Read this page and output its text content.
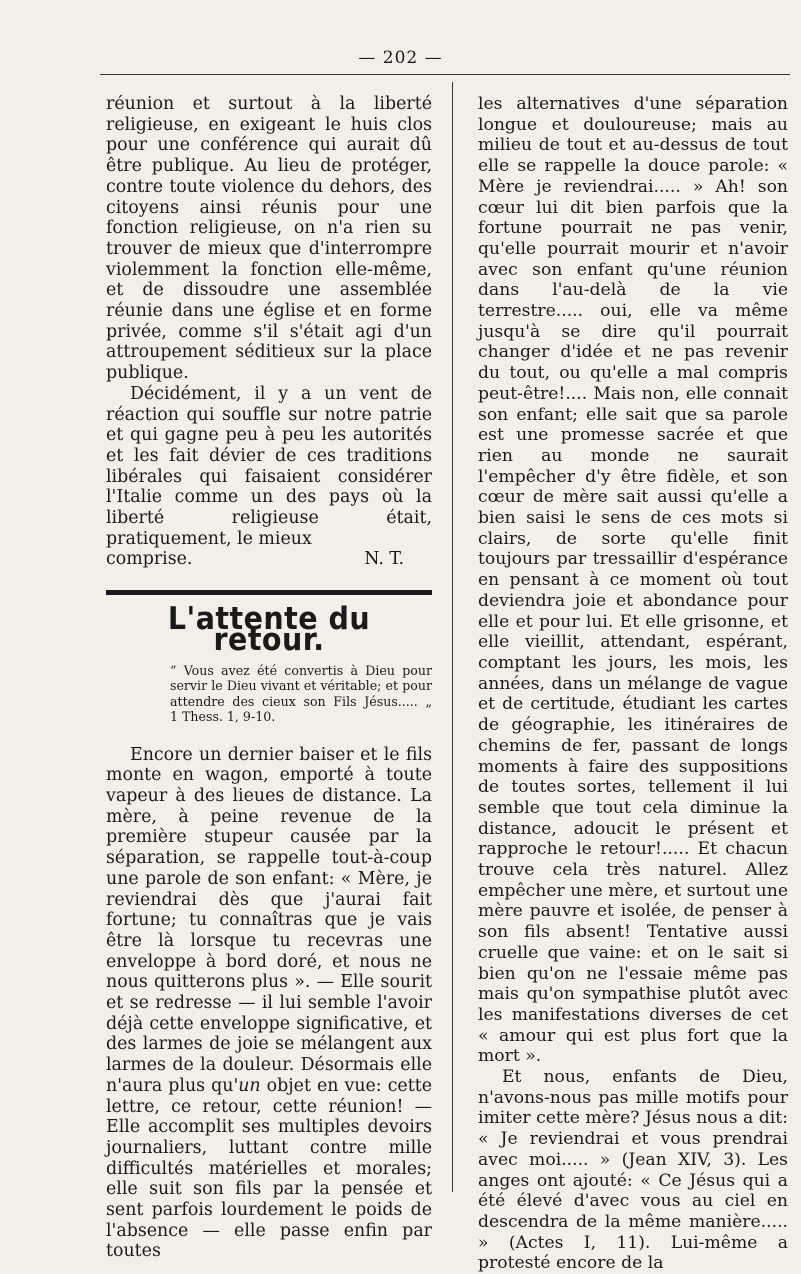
— 202 —

réunion et surtout à la liberté religieuse, en exigeant le huis clos pour une conférence qui aurait dû être publique. Au lieu de protéger, contre toute violence du dehors, des citoyens ainsi réunis pour une fonction religieuse, on n'a rien su trouver de mieux que d'interrompre violemment la fonction elle-même, et de dissoudre une assemblée réunie dans une église et en forme privée, comme s'il s'était agi d'un attroupement séditieux sur la place publique.

Décidément, il y a un vent de réaction qui souffle sur notre patrie et qui gagne peu à peu les autorités et les fait dévier de ces traditions libérales qui faisaient considérer l'Italie comme un des pays où la liberté religieuse était, pratiquement, le mieux

comprise.	N. T.

L'attente du retour.
“ Vous avez été convertis à Dieu pour servir le Dieu vivant et véritable; et pour attendre des cieux son Fils Jésus..... „ 1 Thess. 1, 9-10.

Encore un dernier baiser et le fils monte en wagon, emporté à toute vapeur à des lieues de distance. La mère, à peine revenue de la première stupeur causée par la séparation, se rappelle tout-à-coup une parole de son enfant: « Mère, je reviendrai dès que j'aurai fait fortune; tu connaîtras que je vais être là lorsque tu recevras une enveloppe à bord doré, et nous ne nous quitterons plus ». — Elle sourit et se redresse — il lui semble l'avoir déjà cette enveloppe significative, et des larmes de joie se mélangent aux larmes de la douleur. Désormais elle n'aura plus qu'un objet en vue: cette lettre, ce retour, cette réunion! — Elle accomplit ses multiples devoirs journaliers, luttant contre mille difficultés matérielles et morales; elle suit son fils par la pensée et sent parfois lourdement le poids de l'absence — elle passe enfin par toutes

les alternatives d'une séparation longue et douloureuse; mais au milieu de tout et au-dessus de tout elle se rappelle la douce parole: « Mère je reviendrai..... » Ah! son cœur lui dit bien parfois que la fortune pourrait ne pas venir, qu'elle pourrait mourir et n'avoir avec son enfant qu'une réunion dans l'au-delà de la vie terrestre..... oui, elle va même jusqu'à se dire qu'il pourrait changer d'idée et ne pas revenir du tout, ou qu'elle a mal compris peut-être!.... Mais non, elle connait son enfant; elle sait que sa parole est une promesse sacrée et que rien au monde ne saurait l'empêcher d'y être fidèle, et son cœur de mère sait aussi qu'elle a bien saisi le sens de ces mots si clairs, de sorte qu'elle finit toujours par tressaillir d'espérance en pensant à ce moment où tout deviendra joie et abondance pour elle et pour lui. Et elle grisonne, et elle vieillit, attendant, espérant, comptant les jours, les mois, les années, dans un mélange de vague et de certitude, étudiant les cartes de géographie, les itinéraires de chemins de fer, passant de longs moments à faire des suppositions de toutes sortes, tellement il lui semble que tout cela diminue la distance, adoucit le présent et rapproche le retour!..... Et chacun trouve cela très naturel. Allez empêcher une mère, et surtout une mère pauvre et isolée, de penser à son fils absent! Tentative aussi cruelle que vaine: et on le sait si bien qu'on ne l'essaie même pas mais qu'on sympathise plutôt avec les manifestations diverses de cet « amour qui est plus fort que la mort ».

Et nous, enfants de Dieu, n'avons-nous pas mille motifs pour imiter cette mère? Jésus nous a dit: « Je reviendrai et vous prendrai avec moi..... » (Jean XIV, 3). Les anges ont ajouté: « Ce Jésus qui a été élevé d'avec vous au ciel en descendra de la même manière..... » (Actes I, 11). Lui-même a protesté encore de la
